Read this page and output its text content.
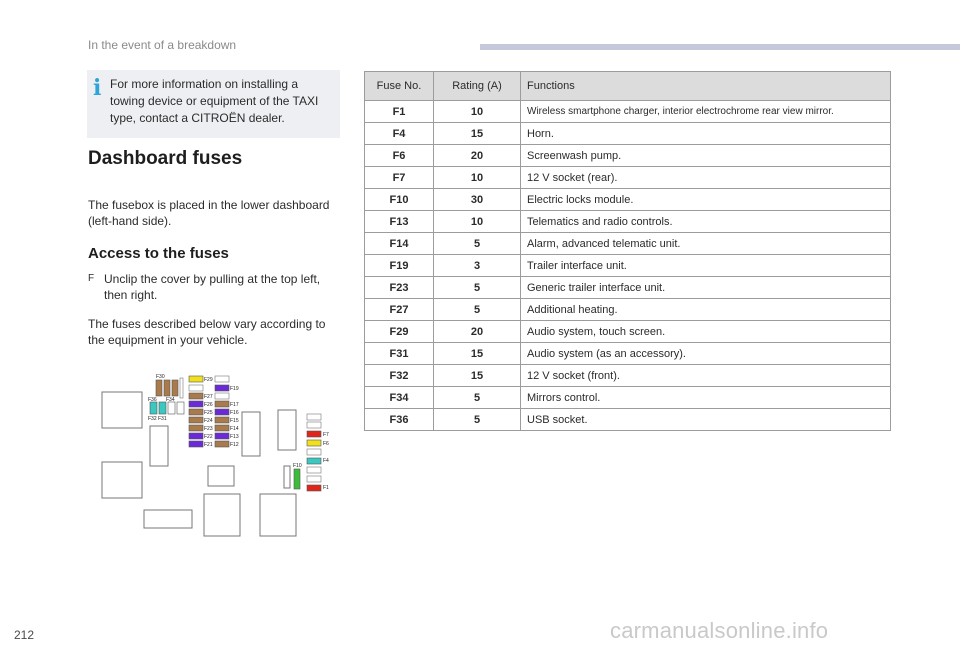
In the event of a breakdown
i For more information on installing a towing device or equipment of the TAXI type, contact a CITROËN dealer.
Dashboard fuses
The fusebox is placed in the lower dashboard (left-hand side).
Access to the fuses
F Unclip the cover by pulling at the top left, then right.
The fuses described below vary according to the equipment in your vehicle.
F30
F36 F34
F32 F31
F29
F19
F27
F26	F17
F25	F16
F24	F15
F23	F14
F22	F13
F21	F12
F7
F6
F4
F10
F1
Fuse No.	Rating (A)	Functions
F1	10	Wireless smartphone charger, interior electrochrome rear view mirror.
F4	15	Horn.
F6	20	Screenwash pump.
F7	10	12 V socket (rear).
F10	30	Electric locks module.
F13	10	Telematics and radio controls.
F14	5	Alarm, advanced telematic unit.
F19	3	Trailer interface unit.
F23	5	Generic trailer interface unit.
F27	5	Additional heating.
F29	20	Audio system, touch screen.
F31	15	Audio system (as an accessory).
F32	15	12 V socket (front).
F34	5	Mirrors control.
F36	5	USB socket.
212	carmanualsonline.info
